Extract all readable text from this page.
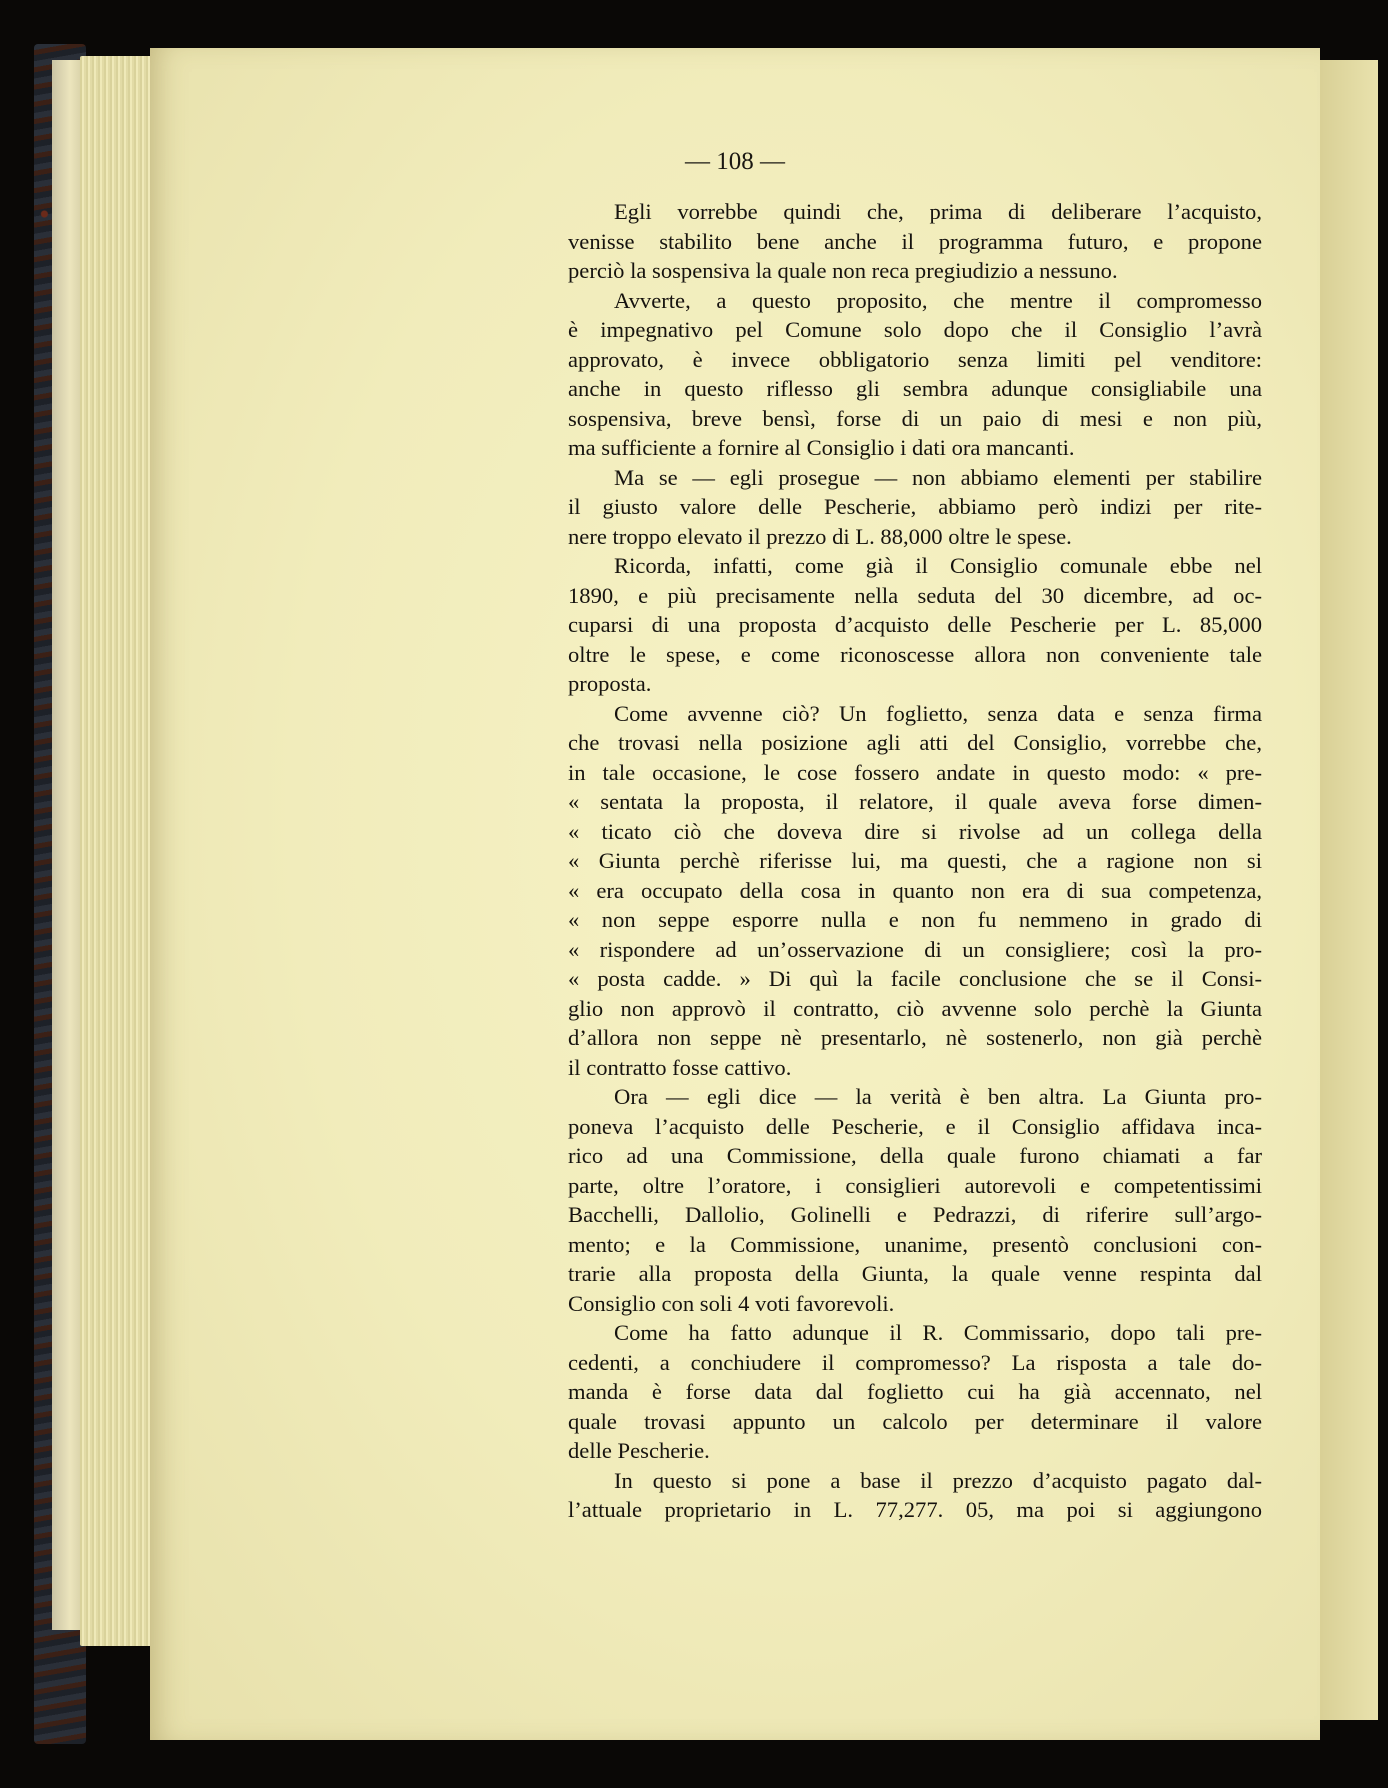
— 108 —
Egli vorrebbe quindi che, prima di deliberare l’acquisto,
venisse stabilito bene anche il programma futuro, e propone
perciò la sospensiva la quale non reca pregiudizio a nessuno.
Avverte, a questo proposito, che mentre il compromesso
è impegnativo pel Comune solo dopo che il Consiglio l’avrà
approvato, è invece obbligatorio senza limiti pel venditore:
anche in questo riflesso gli sembra adunque consigliabile una
sospensiva, breve bensì, forse di un paio di mesi e non più,
ma sufficiente a fornire al Consiglio i dati ora mancanti.
Ma se — egli prosegue — non abbiamo elementi per stabilire
il giusto valore delle Pescherie, abbiamo però indizi per rite-
nere troppo elevato il prezzo di L. 88,000 oltre le spese.
Ricorda, infatti, come già il Consiglio comunale ebbe nel
1890, e più precisamente nella seduta del 30 dicembre, ad oc-
cuparsi di una proposta d’acquisto delle Pescherie per L. 85,000
oltre le spese, e come riconoscesse allora non conveniente tale
proposta.
Come avvenne ciò? Un foglietto, senza data e senza firma
che trovasi nella posizione agli atti del Consiglio, vorrebbe che,
in tale occasione, le cose fossero andate in questo modo: « pre-
« sentata la proposta, il relatore, il quale aveva forse dimen-
« ticato ciò che doveva dire si rivolse ad un collega della
« Giunta perchè riferisse lui, ma questi, che a ragione non si
« era occupato della cosa in quanto non era di sua competenza,
« non seppe esporre nulla e non fu nemmeno in grado di
« rispondere ad un’osservazione di un consigliere; così la pro-
« posta cadde. » Di quì la facile conclusione che se il Consi-
glio non approvò il contratto, ciò avvenne solo perchè la Giunta
d’allora non seppe nè presentarlo, nè sostenerlo, non già perchè
il contratto fosse cattivo.
Ora — egli dice — la verità è ben altra. La Giunta pro-
poneva l’acquisto delle Pescherie, e il Consiglio affidava inca-
rico ad una Commissione, della quale furono chiamati a far
parte, oltre l’oratore, i consiglieri autorevoli e competentissimi
Bacchelli, Dallolio, Golinelli e Pedrazzi, di riferire sull’argo-
mento; e la Commissione, unanime, presentò conclusioni con-
trarie alla proposta della Giunta, la quale venne respinta dal
Consiglio con soli 4 voti favorevoli.
Come ha fatto adunque il R. Commissario, dopo tali pre-
cedenti, a conchiudere il compromesso? La risposta a tale do-
manda è forse data dal foglietto cui ha già accennato, nel
quale trovasi appunto un calcolo per determinare il valore
delle Pescherie.
In questo si pone a base il prezzo d’acquisto pagato dal-
l’attuale proprietario in L. 77,277. 05, ma poi si aggiungono
